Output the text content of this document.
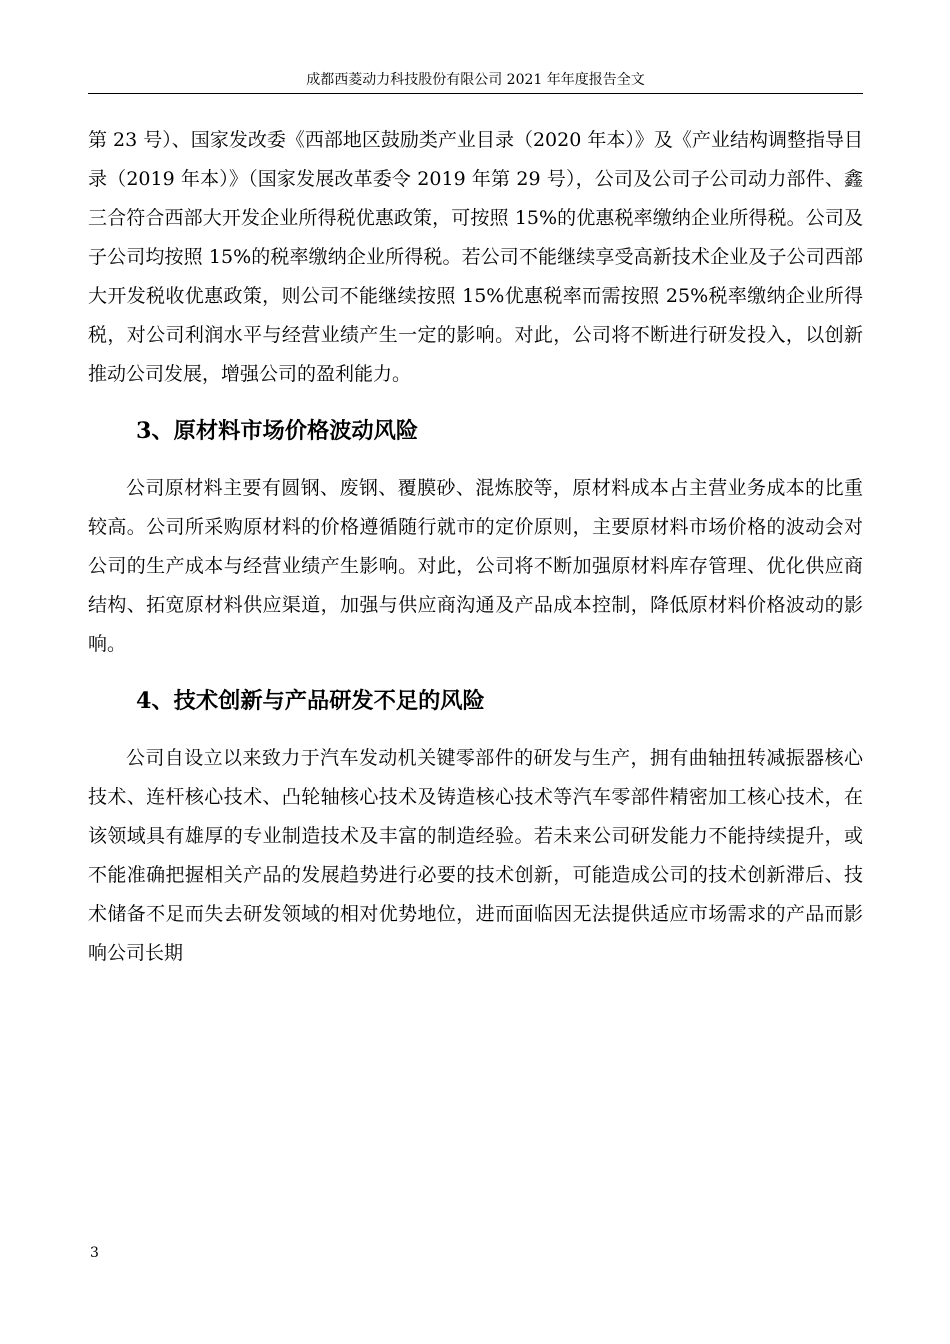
成都西菱动力科技股份有限公司 2021 年年度报告全文

第 23 号）、国家发改委《西部地区鼓励类产业目录（2020 年本）》及《产业结构调整指导目录（2019 年本）》（国家发展改革委令 2019 年第 29 号），公司及公司子公司动力部件、鑫三合符合西部大开发企业所得税优惠政策，可按照 15%的优惠税率缴纳企业所得税。公司及子公司均按照 15%的税率缴纳企业所得税。若公司不能继续享受高新技术企业及子公司西部大开发税收优惠政策，则公司不能继续按照 15%优惠税率而需按照 25%税率缴纳企业所得税，对公司利润水平与经营业绩产生一定的影响。对此，公司将不断进行研发投入，以创新推动公司发展，增强公司的盈利能力。

3、原材料市场价格波动风险

公司原材料主要有圆钢、废钢、覆膜砂、混炼胶等，原材料成本占主营业务成本的比重较高。公司所采购原材料的价格遵循随行就市的定价原则，主要原材料市场价格的波动会对公司的生产成本与经营业绩产生影响。对此，公司将不断加强原材料库存管理、优化供应商结构、拓宽原材料供应渠道，加强与供应商沟通及产品成本控制，降低原材料价格波动的影响。

4、技术创新与产品研发不足的风险

公司自设立以来致力于汽车发动机关键零部件的研发与生产，拥有曲轴扭转减振器核心技术、连杆核心技术、凸轮轴核心技术及铸造核心技术等汽车零部件精密加工核心技术，在该领域具有雄厚的专业制造技术及丰富的制造经验。若未来公司研发能力不能持续提升，或不能准确把握相关产品的发展趋势进行必要的技术创新，可能造成公司的技术创新滞后、技术储备不足而失去研发领域的相对优势地位，进而面临因无法提供适应市场需求的产品而影响公司长期

3
